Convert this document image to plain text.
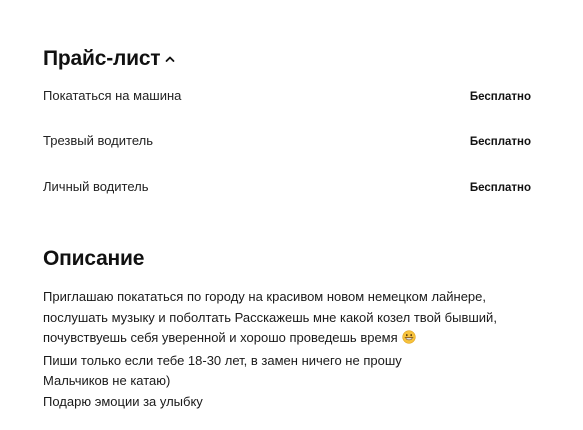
Прайс-лист
Покататься на машина	Бесплатно
Трезвый водитель	Бесплатно
Личный водитель	Бесплатно
Описание
Приглашаю покататься по городу на красивом новом немецком лайнере,
послушать музыку и поболтать Расскажешь мне какой козел твой бывший,
почувствуешь себя уверенной и хорошо проведешь время
Пиши только если тебе 18-30 лет, в замен ничего не прошу
Мальчиков не катаю)
Подарю эмоции за улыбку
